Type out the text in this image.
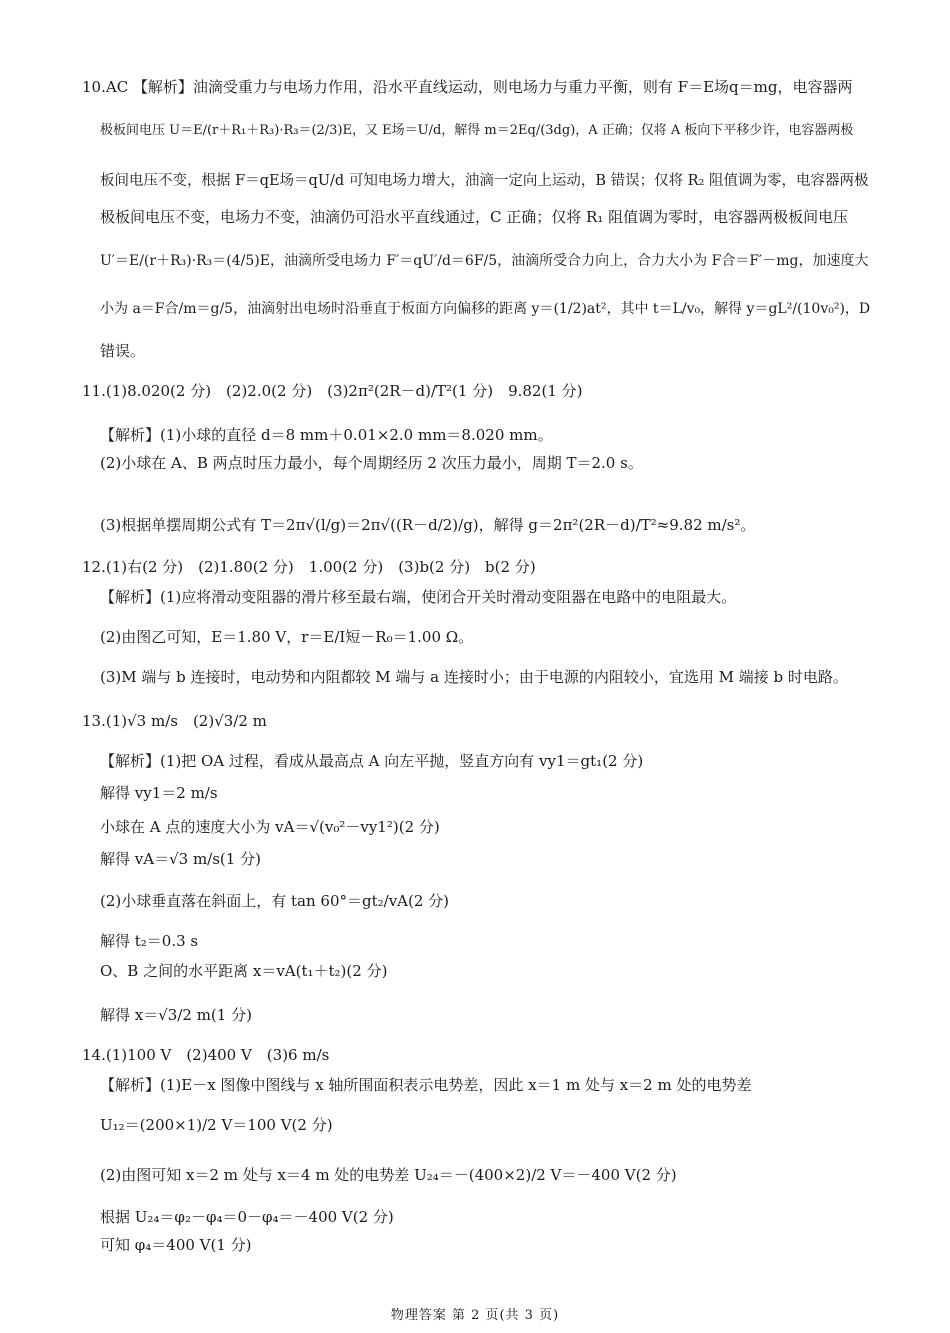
10.AC 【解析】油滴受重力与电场力作用，沿水平直线运动，则电场力与重力平衡，则有 F＝E场q＝mg，电容器两
极板间电压 U＝E/(r＋R₁＋R₃)·R₃＝(2/3)E，又 E场＝U/d，解得 m＝2Eq/(3dg)，A 正确；仅将 A 板向下平移少许，电容器两极
板间电压不变，根据 F＝qE场＝qU/d 可知电场力增大，油滴一定向上运动，B 错误；仅将 R₂ 阻值调为零，电容器两极
极板间电压不变，电场力不变，油滴仍可沿水平直线通过，C 正确；仅将 R₁ 阻值调为零时，电容器两极板间电压
U′＝E/(r＋R₃)·R₃＝(4/5)E，油滴所受电场力 F′＝qU′/d＝6F/5，油滴所受合力向上，合力大小为 F合＝F′－mg，加速度大
小为 a＝F合/m＝g/5，油滴射出电场时沿垂直于板面方向偏移的距离 y＝(1/2)at²，其中 t＝L/v₀，解得 y＝gL²/(10v₀²)，D
错误。
11.(1)8.020(2 分)　(2)2.0(2 分)　(3)2π²(2R－d)/T²(1 分)　9.82(1 分)
【解析】(1)小球的直径 d＝8 mm＋0.01×2.0 mm＝8.020 mm。
(2)小球在 A、B 两点时压力最小，每个周期经历 2 次压力最小，周期 T＝2.0 s。
(3)根据单摆周期公式有 T＝2π√(l/g)＝2π√((R－d/2)/g)，解得 g＝2π²(2R－d)/T²≈9.82 m/s²。
12.(1)右(2 分)　(2)1.80(2 分)　1.00(2 分)　(3)b(2 分)　b(2 分)
【解析】(1)应将滑动变阻器的滑片移至最右端，使闭合开关时滑动变阻器在电路中的电阻最大。
(2)由图乙可知，E＝1.80 V，r＝E/I短－R₀＝1.00 Ω。
(3)M 端与 b 连接时，电动势和内阻都较 M 端与 a 连接时小；由于电源的内阻较小，宜选用 M 端接 b 时电路。
13.(1)√3 m/s　(2)√3/2 m
【解析】(1)把 OA 过程，看成从最高点 A 向左平抛，竖直方向有 vy1＝gt₁(2 分)
解得 vy1＝2 m/s
小球在 A 点的速度大小为 vA＝√(v₀²－vy1²)(2 分)
解得 vA＝√3 m/s(1 分)
(2)小球垂直落在斜面上，有 tan 60°＝gt₂/vA(2 分)
解得 t₂＝0.3 s
O、B 之间的水平距离 x＝vA(t₁＋t₂)(2 分)
解得 x＝√3/2 m(1 分)
14.(1)100 V　(2)400 V　(3)6 m/s
【解析】(1)E－x 图像中图线与 x 轴所围面积表示电势差，因此 x＝1 m 处与 x＝2 m 处的电势差
U₁₂＝(200×1)/2 V＝100 V(2 分)
(2)由图可知 x＝2 m 处与 x＝4 m 处的电势差 U₂₄＝－(400×2)/2 V＝－400 V(2 分)
根据 U₂₄＝φ₂－φ₄＝0－φ₄＝－400 V(2 分)
可知 φ₄＝400 V(1 分)
物理答案 第 2 页(共 3 页)
